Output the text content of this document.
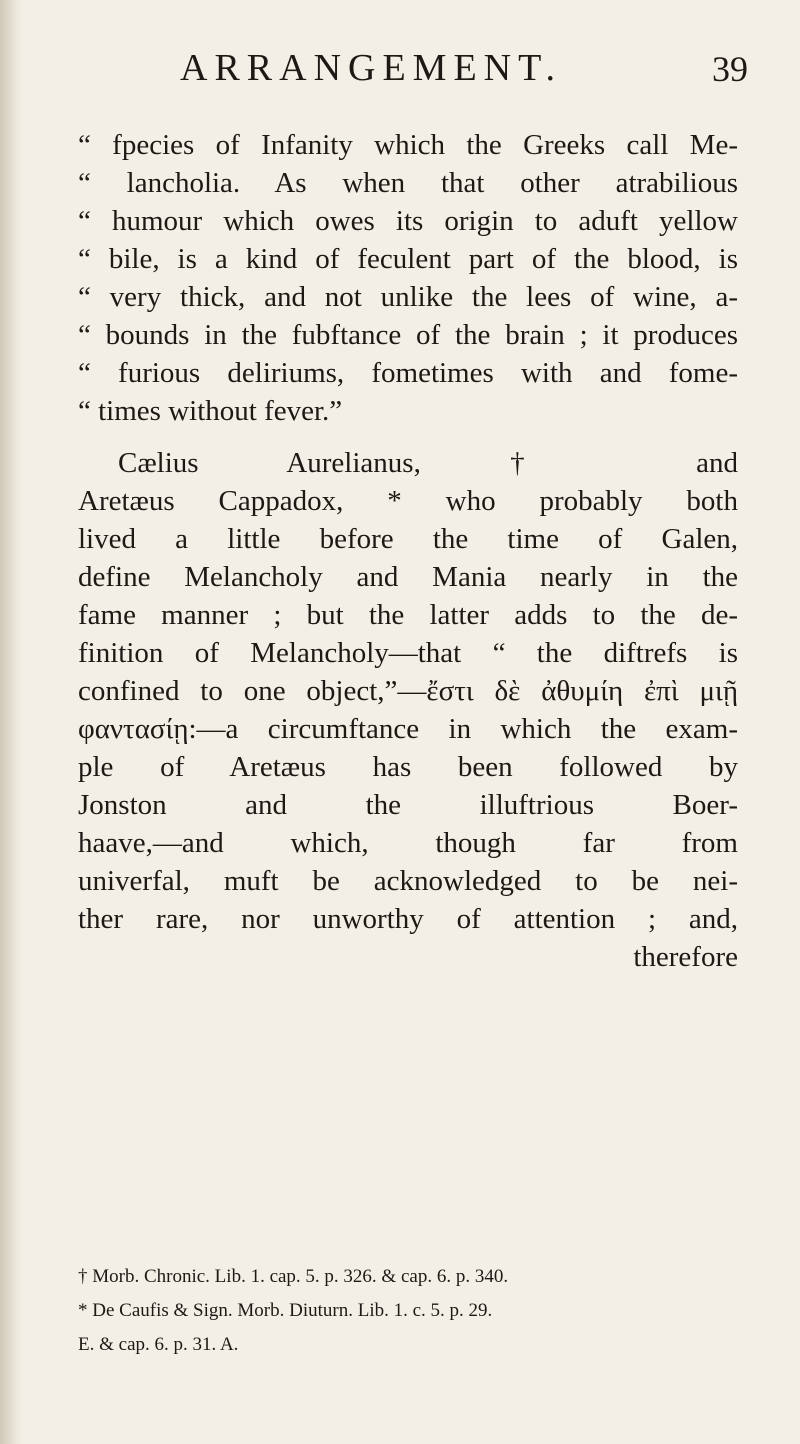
ARRANGEMENT.	39
“ fpecies of Infanity which the Greeks call Me-
“ lancholia. As when that other atrabilious
“ humour which owes its origin to aduft yellow
“ bile, is a kind of feculent part of the blood, is
“ very thick, and not unlike the lees of wine, a-
“ bounds in the fubftance of the brain ; it produces
“ furious deliriums, fometimes with and fome-
“ times without fever.”
Cælius Aurelianus, † and
Aretæus Cappadox, * who probably both
lived a little before the time of Galen,
define Melancholy and Mania nearly in the
fame manner ; but the latter adds to the de-
finition of Melancholy—that “ the diftrefs is
confined to one object,”—ἔστι δὲ ἀθυμίη ἐπὶ μιῇ
φαντασίῃ:—a circumftance in which the exam-
ple of Aretæus has been followed by
Jonston and the illuftrious Boer-
haave,—and which, though far from
univerfal, muft be acknowledged to be nei-
ther rare, nor unworthy of attention ; and,
therefore
† Morb. Chronic. Lib. 1. cap. 5. p. 326. & cap. 6. p. 340.
* De Caufis & Sign. Morb. Diuturn. Lib. 1. c. 5. p. 29.
E. & cap. 6. p. 31. A.
